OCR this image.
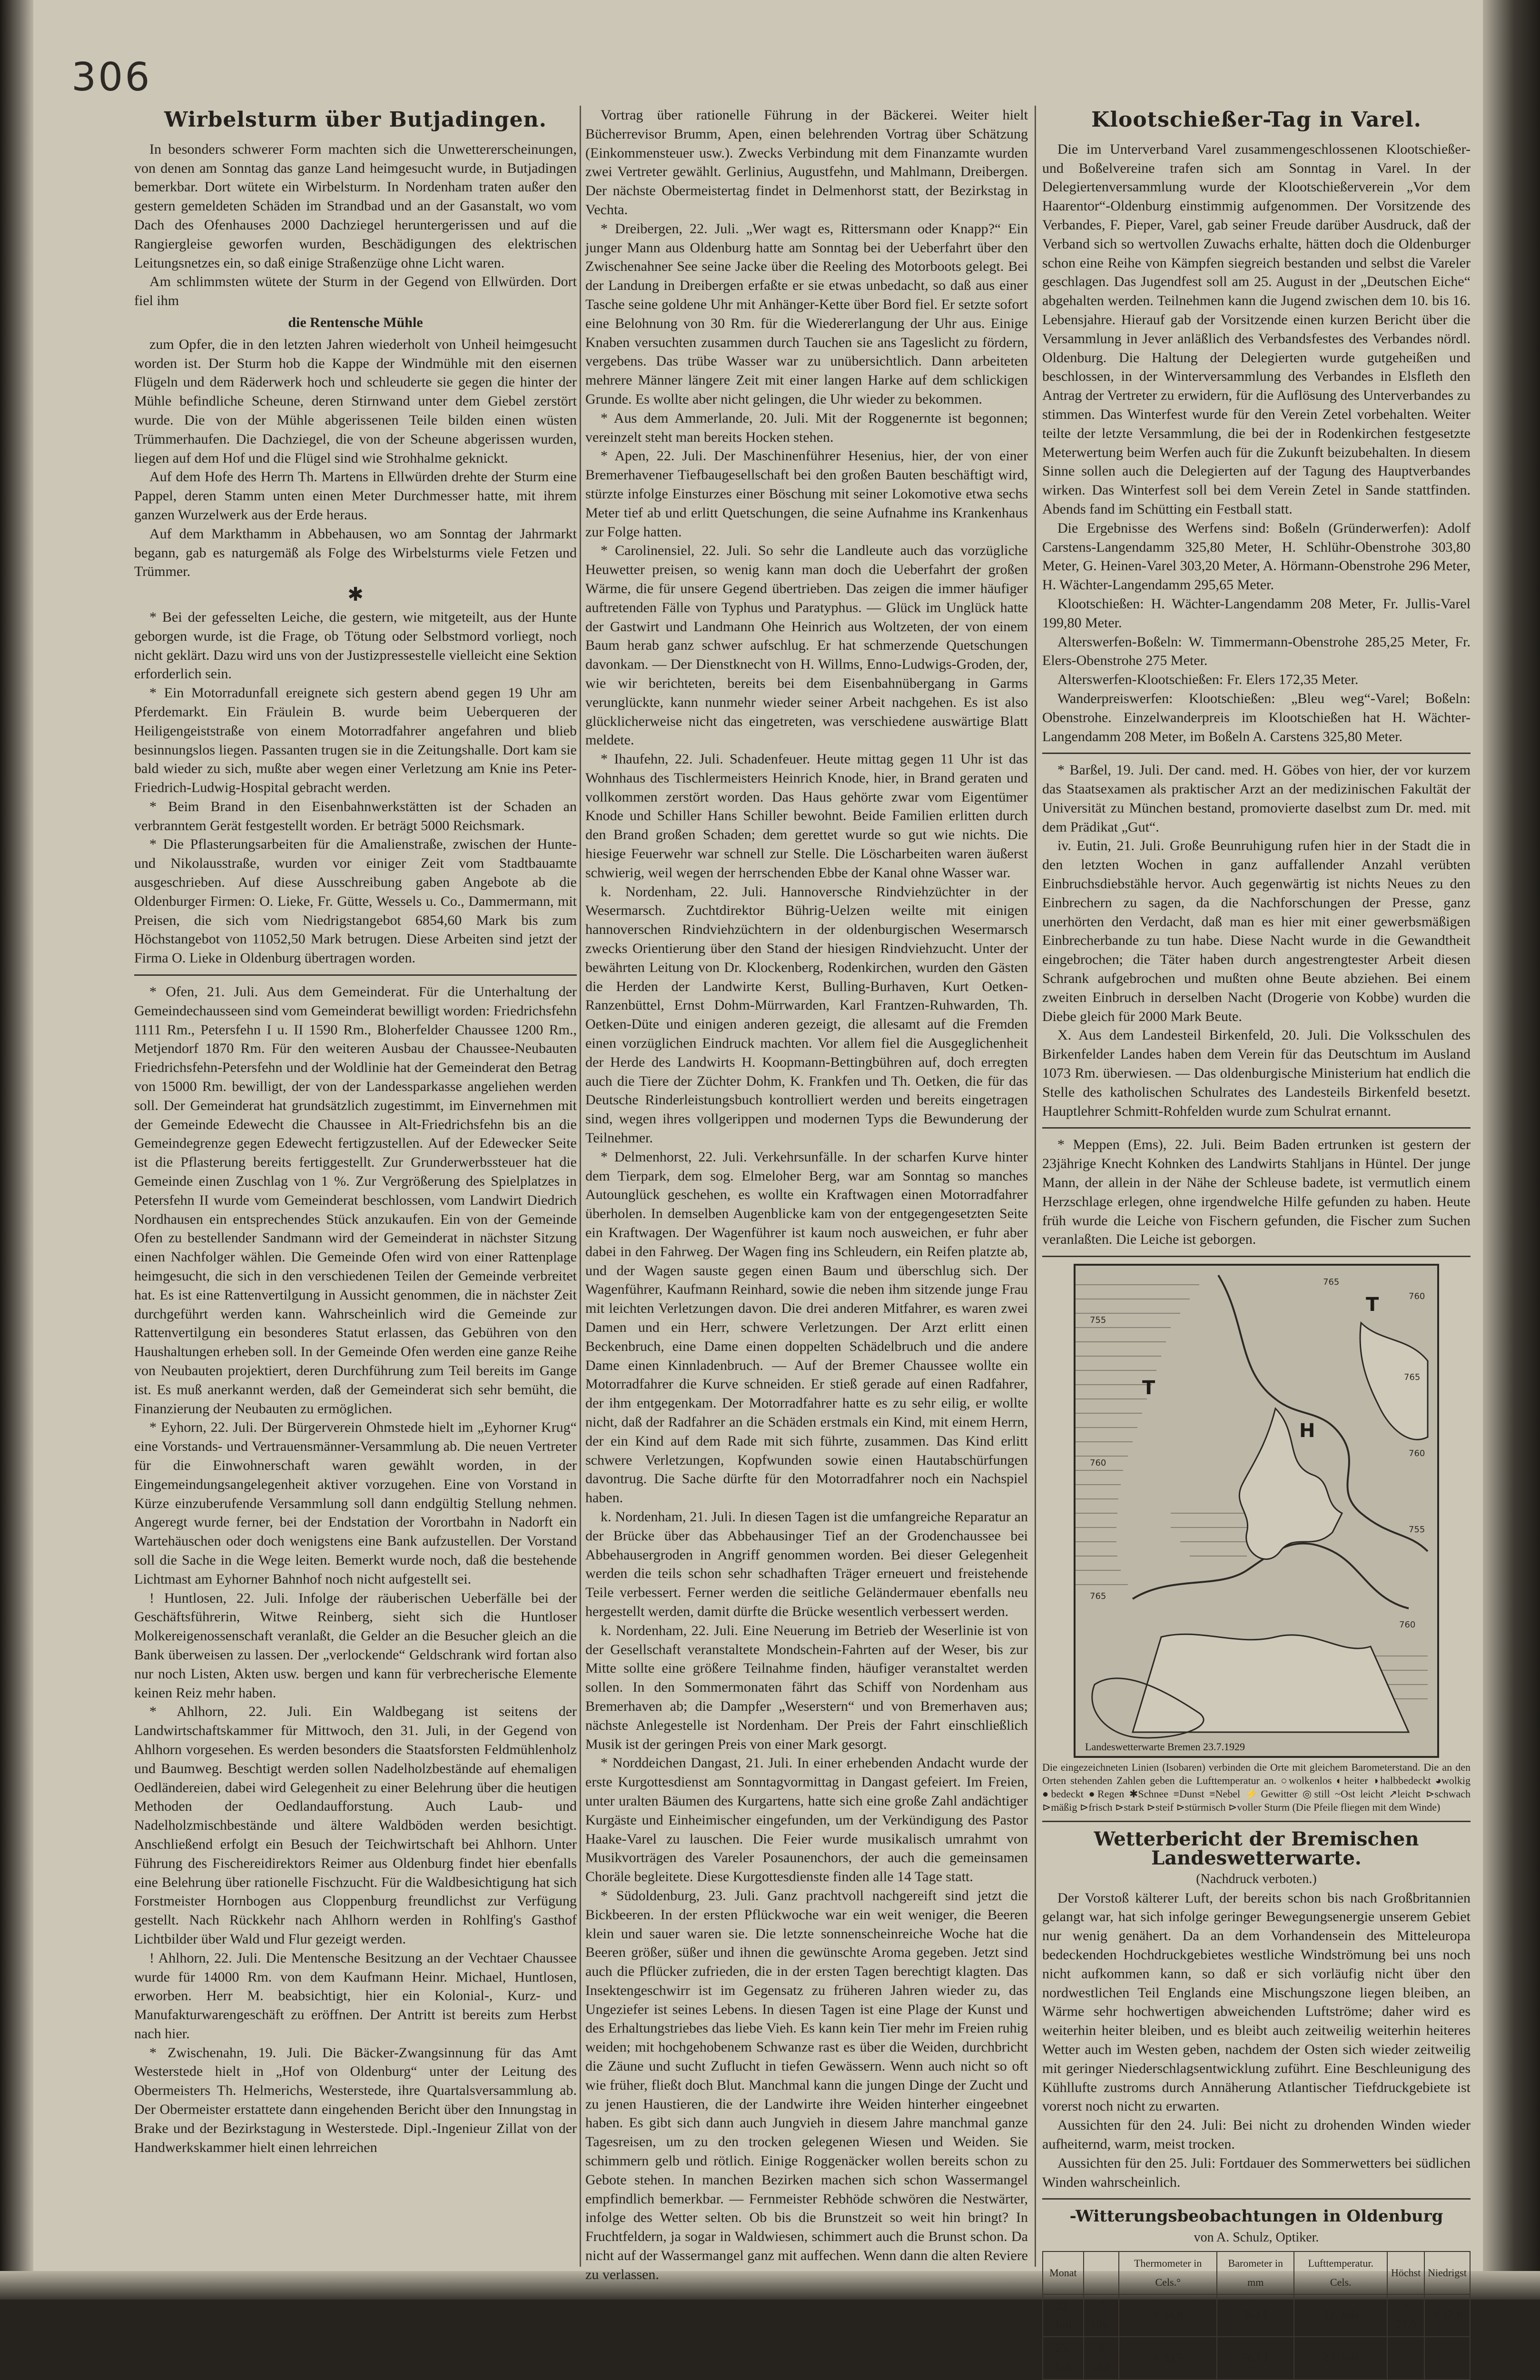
306
Wirbelsturm über Butjadingen.

In besonders schwerer Form machten sich die Unwettererscheinungen, von denen am Sonntag das ganze Land heimgesucht wurde, in Butjadingen bemerkbar. Dort wütete ein Wirbelsturm. In Nordenham traten außer den gestern gemeldeten Schäden im Strandbad und an der Gasanstalt, wo vom Dach des Ofenhauses 2000 Dachziegel heruntergerissen und auf die Rangiergleise geworfen wurden, Beschädigungen des elektrischen Leitungsnetzes ein, so daß einige Straßenzüge ohne Licht waren.

Am schlimmsten wütete der Sturm in der Gegend von Ellwürden. Dort fiel ihm

die Rentensche Mühle

zum Opfer, die in den letzten Jahren wiederholt von Unheil heimgesucht worden ist. Der Sturm hob die Kappe der Windmühle mit den eisernen Flügeln und dem Räderwerk hoch und schleuderte sie gegen die hinter der Mühle befindliche Scheune, deren Stirnwand unter dem Giebel zerstört wurde. Die von der Mühle abgerissenen Teile bilden einen wüsten Trümmerhaufen. Die Dachziegel, die von der Scheune abgerissen wurden, liegen auf dem Hof und die Flügel sind wie Strohhalme geknickt.

Auf dem Hofe des Herrn Th. Martens in Ellwürden drehte der Sturm eine Pappel, deren Stamm unten einen Meter Durchmesser hatte, mit ihrem ganzen Wurzelwerk aus der Erde heraus.

Auf dem Markthamm in Abbehausen, wo am Sonntag der Jahrmarkt begann, gab es naturgemäß als Folge des Wirbelsturms viele Fetzen und Trümmer.

✱

* Bei der gefesselten Leiche, die gestern, wie mitgeteilt, aus der Hunte geborgen wurde, ist die Frage, ob Tötung oder Selbstmord vorliegt, noch nicht geklärt. Dazu wird uns von der Justizpressestelle vielleicht eine Sektion erforderlich sein.

* Ein Motorradunfall ereignete sich gestern abend gegen 19 Uhr am Pferdemarkt. Ein Fräulein B. wurde beim Ueberqueren der Heiligengeiststraße von einem Motorradfahrer angefahren und blieb besinnungslos liegen. Passanten trugen sie in die Zeitungshalle. Dort kam sie bald wieder zu sich, mußte aber wegen einer Verletzung am Knie ins Peter-Friedrich-Ludwig-Hospital gebracht werden.

* Beim Brand in den Eisenbahnwerkstätten ist der Schaden an verbranntem Gerät festgestellt worden. Er beträgt 5000 Reichsmark.

* Die Pflasterungsarbeiten für die Amalienstraße, zwischen der Hunte- und Nikolausstraße, wurden vor einiger Zeit vom Stadtbauamte ausgeschrieben. Auf diese Ausschreibung gaben Angebote ab die Oldenburger Firmen: O. Lieke, Fr. Gütte, Wessels u. Co., Dammermann, mit Preisen, die sich vom Niedrigstangebot 6854,60 Mark bis zum Höchstangebot von 11052,50 Mark betrugen. Diese Arbeiten sind jetzt der Firma O. Lieke in Oldenburg übertragen worden.

* Ofen, 21. Juli. Aus dem Gemeinderat. Für die Unterhaltung der Gemeindechausseen sind vom Gemeinderat bewilligt worden: Friedrichsfehn 1111 Rm., Petersfehn I u. II 1590 Rm., Bloherfelder Chaussee 1200 Rm., Metjendorf 1870 Rm. Für den weiteren Ausbau der Chaussee-Neubauten Friedrichsfehn-Petersfehn und der Woldlinie hat der Gemeinderat den Betrag von 15000 Rm. bewilligt, der von der Landessparkasse angeliehen werden soll. Der Gemeinderat hat grundsätzlich zugestimmt, im Einvernehmen mit der Gemeinde Edewecht die Chaussee in Alt-Friedrichsfehn bis an die Gemeindegrenze gegen Edewecht fertigzustellen. Auf der Edewecker Seite ist die Pflasterung bereits fertiggestellt. Zur Grunderwerbssteuer hat die Gemeinde einen Zuschlag von 1 %. Zur Vergrößerung des Spielplatzes in Petersfehn II wurde vom Gemeinderat beschlossen, vom Landwirt Diedrich Nordhausen ein entsprechendes Stück anzukaufen. Ein von der Gemeinde Ofen zu bestellender Sandmann wird der Gemeinderat in nächster Sitzung einen Nachfolger wählen. Die Gemeinde Ofen wird von einer Rattenplage heimgesucht, die sich in den verschiedenen Teilen der Gemeinde verbreitet hat. Es ist eine Rattenvertilgung in Aussicht genommen, die in nächster Zeit durchgeführt werden kann. Wahrscheinlich wird die Gemeinde zur Rattenvertilgung ein besonderes Statut erlassen, das Gebühren von den Haushaltungen erheben soll. In der Gemeinde Ofen werden eine ganze Reihe von Neubauten projektiert, deren Durchführung zum Teil bereits im Gange ist. Es muß anerkannt werden, daß der Gemeinderat sich sehr bemüht, die Finanzierung der Neubauten zu ermöglichen.

* Eyhorn, 22. Juli. Der Bürgerverein Ohmstede hielt im „Eyhorner Krug“ eine Vorstands- und Vertrauensmänner-Versammlung ab. Die neuen Vertreter für die Einwohnerschaft waren gewählt worden, in der Eingemeindungsangelegenheit aktiver vorzugehen. Eine von Vorstand in Kürze einzuberufende Versammlung soll dann endgültig Stellung nehmen. Angeregt wurde ferner, bei der Endstation der Vorortbahn in Nadorft ein Wartehäuschen oder doch wenigstens eine Bank aufzustellen. Der Vorstand soll die Sache in die Wege leiten. Bemerkt wurde noch, daß die bestehende Lichtmast am Eyhorner Bahnhof noch nicht aufgestellt sei.

! Huntlosen, 22. Juli. Infolge der räuberischen Ueberfälle bei der Geschäftsführerin, Witwe Reinberg, sieht sich die Huntloser Molkereigenossenschaft veranlaßt, die Gelder an die Besucher gleich an die Bank überweisen zu lassen. Der „verlockende“ Geldschrank wird fortan also nur noch Listen, Akten usw. bergen und kann für verbrecherische Elemente keinen Reiz mehr haben.

* Ahlhorn, 22. Juli. Ein Waldbegang ist seitens der Landwirtschaftskammer für Mittwoch, den 31. Juli, in der Gegend von Ahlhorn vorgesehen. Es werden besonders die Staatsforsten Feldmühlenholz und Baumweg. Beschtigt werden sollen Nadelholzbestände auf ehemaligen Oedländereien, dabei wird Gelegenheit zu einer Belehrung über die heutigen Methoden der Oedlandaufforstung. Auch Laub- und Nadelholzmischbestände und ältere Waldböden werden besichtigt. Anschließend erfolgt ein Besuch der Teichwirtschaft bei Ahlhorn. Unter Führung des Fischereidirektors Reimer aus Oldenburg findet hier ebenfalls eine Belehrung über rationelle Fischzucht. Für die Waldbesichtigung hat sich Forstmeister Hornbogen aus Cloppenburg freundlichst zur Verfügung gestellt. Nach Rückkehr nach Ahlhorn werden in Rohlfing's Gasthof Lichtbilder über Wald und Flur gezeigt werden.

! Ahlhorn, 22. Juli. Die Mentensche Besitzung an der Vechtaer Chaussee wurde für 14000 Rm. von dem Kaufmann Heinr. Michael, Huntlosen, erworben. Herr M. beabsichtigt, hier ein Kolonial-, Kurz- und Manufakturwarengeschäft zu eröffnen. Der Antritt ist bereits zum Herbst nach hier.

* Zwischenahn, 19. Juli. Die Bäcker-Zwangsinnung für das Amt Westerstede hielt in „Hof von Oldenburg“ unter der Leitung des Obermeisters Th. Helmerichs, Westerstede, ihre Quartalsversammlung ab. Der Obermeister erstattete dann eingehenden Bericht über den Innungstag in Brake und der Bezirkstagung in Westerstede. Dipl.-Ingenieur Zillat von der Handwerkskammer hielt einen lehrreichen

Vortrag über rationelle Führung in der Bäckerei. Weiter hielt Bücherrevisor Brumm, Apen, einen belehrenden Vortrag über Schätzung (Einkommensteuer usw.). Zwecks Verbindung mit dem Finanzamte wurden zwei Vertreter gewählt. Gerlinius, Augustfehn, und Mahlmann, Dreibergen. Der nächste Obermeistertag findet in Delmenhorst statt, der Bezirkstag in Vechta.

* Dreibergen, 22. Juli. „Wer wagt es, Rittersmann oder Knapp?“ Ein junger Mann aus Oldenburg hatte am Sonntag bei der Ueberfahrt über den Zwischenahner See seine Jacke über die Reeling des Motorboots gelegt. Bei der Landung in Dreibergen erfaßte er sie etwas unbedacht, so daß aus einer Tasche seine goldene Uhr mit Anhänger-Kette über Bord fiel. Er setzte sofort eine Belohnung von 30 Rm. für die Wiedererlangung der Uhr aus. Einige Knaben versuchten zusammen durch Tauchen sie ans Tageslicht zu fördern, vergebens. Das trübe Wasser war zu unübersichtlich. Dann arbeiteten mehrere Männer längere Zeit mit einer langen Harke auf dem schlickigen Grunde. Es wollte aber nicht gelingen, die Uhr wieder zu bekommen.

* Aus dem Ammerlande, 20. Juli. Mit der Roggenernte ist begonnen; vereinzelt steht man bereits Hocken stehen.

* Apen, 22. Juli. Der Maschinenführer Hesenius, hier, der von einer Bremerhavener Tiefbaugesellschaft bei den großen Bauten beschäftigt wird, stürzte infolge Einsturzes einer Böschung mit seiner Lokomotive etwa sechs Meter tief ab und erlitt Quetschungen, die seine Aufnahme ins Krankenhaus zur Folge hatten.

* Carolinensiel, 22. Juli. So sehr die Landleute auch das vorzügliche Heuwetter preisen, so wenig kann man doch die Ueberfahrt der großen Wärme, die für unsere Gegend übertrieben. Das zeigen die immer häufiger auftretenden Fälle von Typhus und Paratyphus. — Glück im Unglück hatte der Gastwirt und Landmann Ohe Heinrich aus Woltzeten, der von einem Baum herab ganz schwer aufschlug. Er hat schmerzende Quetschungen davonkam. — Der Dienstknecht von H. Willms, Enno-Ludwigs-Groden, der, wie wir berichteten, bereits bei dem Eisenbahnübergang in Garms verunglückte, kann nunmehr wieder seiner Arbeit nachgehen. Es ist also glücklicherweise nicht das eingetreten, was verschiedene auswärtige Blatt meldete.

* Ihaufehn, 22. Juli. Schadenfeuer. Heute mittag gegen 11 Uhr ist das Wohnhaus des Tischlermeisters Heinrich Knode, hier, in Brand geraten und vollkommen zerstört worden. Das Haus gehörte zwar vom Eigentümer Knode und Schiller Hans Schiller bewohnt. Beide Familien erlitten durch den Brand großen Schaden; dem gerettet wurde so gut wie nichts. Die hiesige Feuerwehr war schnell zur Stelle. Die Löscharbeiten waren äußerst schwierig, weil wegen der herrschenden Ebbe der Kanal ohne Wasser war.

k. Nordenham, 22. Juli. Hannoversche Rindviehzüchter in der Wesermarsch. Zuchtdirektor Bührig-Uelzen weilte mit einigen hannoverschen Rindviehzüchtern in der oldenburgischen Wesermarsch zwecks Orientierung über den Stand der hiesigen Rindviehzucht. Unter der bewährten Leitung von Dr. Klockenberg, Rodenkirchen, wurden den Gästen die Herden der Landwirte Kerst, Bulling-Burhaven, Kurt Oetken-Ranzenbüttel, Ernst Dohm-Mürrwarden, Karl Frantzen-Ruhwarden, Th. Oetken-Düte und einigen anderen gezeigt, die allesamt auf die Fremden einen vorzüglichen Eindruck machten. Vor allem fiel die Ausgeglichenheit der Herde des Landwirts H. Koopmann-Bettingbühren auf, doch erregten auch die Tiere der Züchter Dohm, K. Frankfen und Th. Oetken, die für das Deutsche Rinderleistungsbuch kontrolliert werden und bereits eingetragen sind, wegen ihres vollgerippen und modernen Typs die Bewunderung der Teilnehmer.

* Delmenhorst, 22. Juli. Verkehrsunfälle. In der scharfen Kurve hinter dem Tierpark, dem sog. Elmeloher Berg, war am Sonntag so manches Autounglück geschehen, es wollte ein Kraftwagen einen Motorradfahrer überholen. In demselben Augenblicke kam von der entgegengesetzten Seite ein Kraftwagen. Der Wagenführer ist kaum noch ausweichen, er fuhr aber dabei in den Fahrweg. Der Wagen fing ins Schleudern, ein Reifen platzte ab, und der Wagen sauste gegen einen Baum und überschlug sich. Der Wagenführer, Kaufmann Reinhard, sowie die neben ihm sitzende junge Frau mit leichten Verletzungen davon. Die drei anderen Mitfahrer, es waren zwei Damen und ein Herr, schwere Verletzungen. Der Arzt erlitt einen Beckenbruch, eine Dame einen doppelten Schädelbruch und die andere Dame einen Kinnladenbruch. — Auf der Bremer Chaussee wollte ein Motorradfahrer die Kurve schneiden. Er stieß gerade auf einen Radfahrer, der ihm entgegenkam. Der Motorradfahrer hatte es zu sehr eilig, er wollte nicht, daß der Radfahrer an die Schäden erstmals ein Kind, mit einem Herrn, der ein Kind auf dem Rade mit sich führte, zusammen. Das Kind erlitt schwere Verletzungen, Kopfwunden sowie einen Hautabschürfungen davontrug. Die Sache dürfte für den Motorradfahrer noch ein Nachspiel haben.

k. Nordenham, 21. Juli. In diesen Tagen ist die umfangreiche Reparatur an der Brücke über das Abbehausinger Tief an der Grodenchaussee bei Abbehausergroden in Angriff genommen worden. Bei dieser Gelegenheit werden die teils schon sehr schadhaften Träger erneuert und freistehende Teile verbessert. Ferner werden die seitliche Geländermauer ebenfalls neu hergestellt werden, damit dürfte die Brücke wesentlich verbessert werden.

k. Nordenham, 22. Juli. Eine Neuerung im Betrieb der Weserlinie ist von der Gesellschaft veranstaltete Mondschein-Fahrten auf der Weser, bis zur Mitte sollte eine größere Teilnahme finden, häufiger veranstaltet werden sollen. In den Sommermonaten fährt das Schiff von Nordenham aus Bremerhaven ab; die Dampfer „Weserstern“ und von Bremerhaven aus; nächste Anlegestelle ist Nordenham. Der Preis der Fahrt einschließlich Musik ist der geringen Preis von einer Mark gesorgt.

* Norddeichen Dangast, 21. Juli. In einer erhebenden Andacht wurde der erste Kurgottesdienst am Sonntagvormittag in Dangast gefeiert. Im Freien, unter uralten Bäumen des Kurgartens, hatte sich eine große Zahl andächtiger Kurgäste und Einheimischer eingefunden, um der Verkündigung des Pastor Haake-Varel zu lauschen. Die Feier wurde musikalisch umrahmt von Musikvorträgen des Vareler Posaunenchors, der auch die gemeinsamen Choräle begleitete. Diese Kurgottesdienste finden alle 14 Tage statt.

* Südoldenburg, 23. Juli. Ganz prachtvoll nachgereift sind jetzt die Bickbeeren. In der ersten Pflückwoche war ein weit weniger, die Beeren klein und sauer waren sie. Die letzte sonnenscheinreiche Woche hat die Beeren größer, süßer und ihnen die gewünschte Aroma gegeben. Jetzt sind auch die Pflücker zufrieden, die in der ersten Tagen berechtigt klagten. Das Insektengeschwirr ist im Gegensatz zu früheren Jahren wieder zu, das Ungeziefer ist seines Lebens. In diesen Tagen ist eine Plage der Kunst und des Erhaltungstriebes das liebe Vieh. Es kann kein Tier mehr im Freien ruhig weiden; mit hochgehobenem Schwanze rast es über die Weiden, durchbricht die Zäune und sucht Zuflucht in tiefen Gewässern. Wenn auch nicht so oft wie früher, fließt doch Blut. Manchmal kann die jungen Dinge der Zucht und zu jenen Haustieren, die der Landwirte ihre Weiden hinterher eingeebnet haben. Es gibt sich dann auch Jungvieh in diesem Jahre manchmal ganze Tagesreisen, um zu den trocken gelegenen Wiesen und Weiden. Sie schimmern gelb und rötlich. Einige Roggenäcker wollen bereits schon zu Gebote stehen. In manchen Bezirken machen sich schon Wassermangel empfindlich bemerkbar. — Fernmeister Rebhöde schwören die Nestwärter, infolge des Wetter selten. Ob bis die Brunstzeit so weit hin bringt? In Fruchtfeldern, ja sogar in Waldwiesen, schimmert auch die Brunst schon. Da nicht auf der Wassermangel ganz mit auffechen. Wenn dann die alten Reviere zu verlassen.

Klootschießer-Tag in Varel.

Die im Unterverband Varel zusammengeschlossenen Klootschießer- und Boßelvereine trafen sich am Sonntag in Varel. In der Delegiertenversammlung wurde der Klootschießerverein „Vor dem Haarentor“-Oldenburg einstimmig aufgenommen. Der Vorsitzende des Verbandes, F. Pieper, Varel, gab seiner Freude darüber Ausdruck, daß der Verband sich so wertvollen Zuwachs erhalte, hätten doch die Oldenburger schon eine Reihe von Kämpfen siegreich bestanden und selbst die Vareler geschlagen. Das Jugendfest soll am 25. August in der „Deutschen Eiche“ abgehalten werden. Teilnehmen kann die Jugend zwischen dem 10. bis 16. Lebensjahre. Hierauf gab der Vorsitzende einen kurzen Bericht über die Versammlung in Jever anläßlich des Verbandsfestes des Verbandes nördl. Oldenburg. Die Haltung der Delegierten wurde gutgeheißen und beschlossen, in der Winterversammlung des Verbandes in Elsfleth den Antrag der Vertreter zu erwidern, für die Auflösung des Unterverbandes zu stimmen. Das Winterfest wurde für den Verein Zetel vorbehalten. Weiter teilte der letzte Versammlung, die bei der in Rodenkirchen festgesetzte Meterwertung beim Werfen auch für die Zukunft beizubehalten. In diesem Sinne sollen auch die Delegierten auf der Tagung des Hauptverbandes wirken. Das Winterfest soll bei dem Verein Zetel in Sande stattfinden. Abends fand im Schütting ein Festball statt.

Die Ergebnisse des Werfens sind: Boßeln (Gründerwerfen): Adolf Carstens-Langendamm 325,80 Meter, H. Schlühr-Obenstrohe 303,80 Meter, G. Heinen-Varel 303,20 Meter, A. Hörmann-Obenstrohe 296 Meter, H. Wächter-Langendamm 295,65 Meter.

Klootschießen: H. Wächter-Langendamm 208 Meter, Fr. Jullis-Varel 199,80 Meter.

Alterswerfen-Boßeln: W. Timmermann-Obenstrohe 285,25 Meter, Fr. Elers-Obenstrohe 275 Meter.

Alterswerfen-Klootschießen: Fr. Elers 172,35 Meter.

Wanderpreiswerfen: Klootschießen: „Bleu weg“-Varel; Boßeln: Obenstrohe. Einzelwanderpreis im Klootschießen hat H. Wächter-Langendamm 208 Meter, im Boßeln A. Carstens 325,80 Meter.

* Barßel, 19. Juli. Der cand. med. H. Göbes von hier, der vor kurzem das Staatsexamen als praktischer Arzt an der medizinischen Fakultät der Universität zu München bestand, promovierte daselbst zum Dr. med. mit dem Prädikat „Gut“.

iv. Eutin, 21. Juli. Große Beunruhigung rufen hier in der Stadt die in den letzten Wochen in ganz auffallender Anzahl verübten Einbruchsdiebstähle hervor. Auch gegenwärtig ist nichts Neues zu den Einbrechern zu sagen, da die Nachforschungen der Presse, ganz unerhörten den Verdacht, daß man es hier mit einer gewerbsmäßigen Einbrecherbande zu tun habe. Diese Nacht wurde in die Gewandtheit eingebrochen; die Täter haben durch angestrengtester Arbeit diesen Schrank aufgebrochen und mußten ohne Beute abziehen. Bei einem zweiten Einbruch in derselben Nacht (Drogerie von Kobbe) wurden die Diebe gleich für 2000 Mark Beute.

X. Aus dem Landesteil Birkenfeld, 20. Juli. Die Volksschulen des Birkenfelder Landes haben dem Verein für das Deutschtum im Ausland 1073 Rm. überwiesen. — Das oldenburgische Ministerium hat endlich die Stelle des katholischen Schulrates des Landesteils Birkenfeld besetzt. Hauptlehrer Schmitt-Rohfelden wurde zum Schulrat ernannt.

* Meppen (Ems), 22. Juli. Beim Baden ertrunken ist gestern der 23jährige Knecht Kohnken des Landwirts Stahljans in Hüntel. Der junge Mann, der allein in der Nähe der Schleuse badete, ist vermutlich einem Herzschlage erlegen, ohne irgendwelche Hilfe gefunden zu haben. Heute früh wurde die Leiche von Fischern gefunden, die Fischer zum Suchen veranlaßten. Die Leiche ist geborgen.

T
T
H
765
760
755
760
765
765
760
755
760
Landeswetterwarte Bremen 23.7.1929
Die eingezeichneten Linien (Isobaren) verbinden die Orte mit gleichem Barometerstand. Die an den Orten stehenden Zahlen geben die Lufttemperatur an. ○wolkenlos ◐heiter ◑halbbedeckt ◕wolkig ●bedeckt ●Regen ✱Schnee ≡Dunst ≡Nebel ⚡Gewitter ◎still ~Ost leicht ↗leicht ⊳schwach ⊳mäßig ⊳frisch ⊳stark ⊳steif ⊳stürmisch ⊳voller Sturm (Die Pfeile fliegen mit dem Winde)
Wetterbericht der Bremischen Landeswetterwarte.

(Nachdruck verboten.)

Der Vorstoß kälterer Luft, der bereits schon bis nach Großbritannien gelangt war, hat sich infolge geringer Bewegungsenergie unserem Gebiet nur wenig genähert. Da an dem Vorhandensein des Mitteleuropa bedeckenden Hochdruckgebietes westliche Windströmung bei uns noch nicht aufkommen kann, so daß er sich vorläufig nicht über den nordwestlichen Teil Englands eine Mischungszone liegen bleiben, an Wärme sehr hochwertigen abweichenden Luftströme; daher wird es weiterhin heiter bleiben, und es bleibt auch zeitweilig weiterhin heiteres Wetter auch im Westen geben, nachdem der Osten sich wieder zeitweilig mit geringer Niederschlagsentwicklung zuführt. Eine Beschleunigung des Kühllufte zustroms durch Annäherung Atlantischer Tiefdruckgebiete ist vorerst noch nicht zu erwarten.

Aussichten für den 24. Juli: Bei nicht zu drohenden Winden wieder aufheiternd, warm, meist trocken.

Aussichten für den 25. Juli: Fortdauer des Sommerwetters bei südlichen Winden wahrscheinlich.

-Witterungsbeobachtungen in Oldenburg

von A. Schulz, Optiker.

Monat		Thermometer in Cels.°	Barometer in mm	Lufttemperatur. Cels.	Höchst	Niedrigst
22. Juli	7 Uhr.	+ 24,8	763,2	22. Juli	+ 27,9	+ 17,8
23. Juli	8 Uhr.	+ 20,5	763,1	23. Juli		
